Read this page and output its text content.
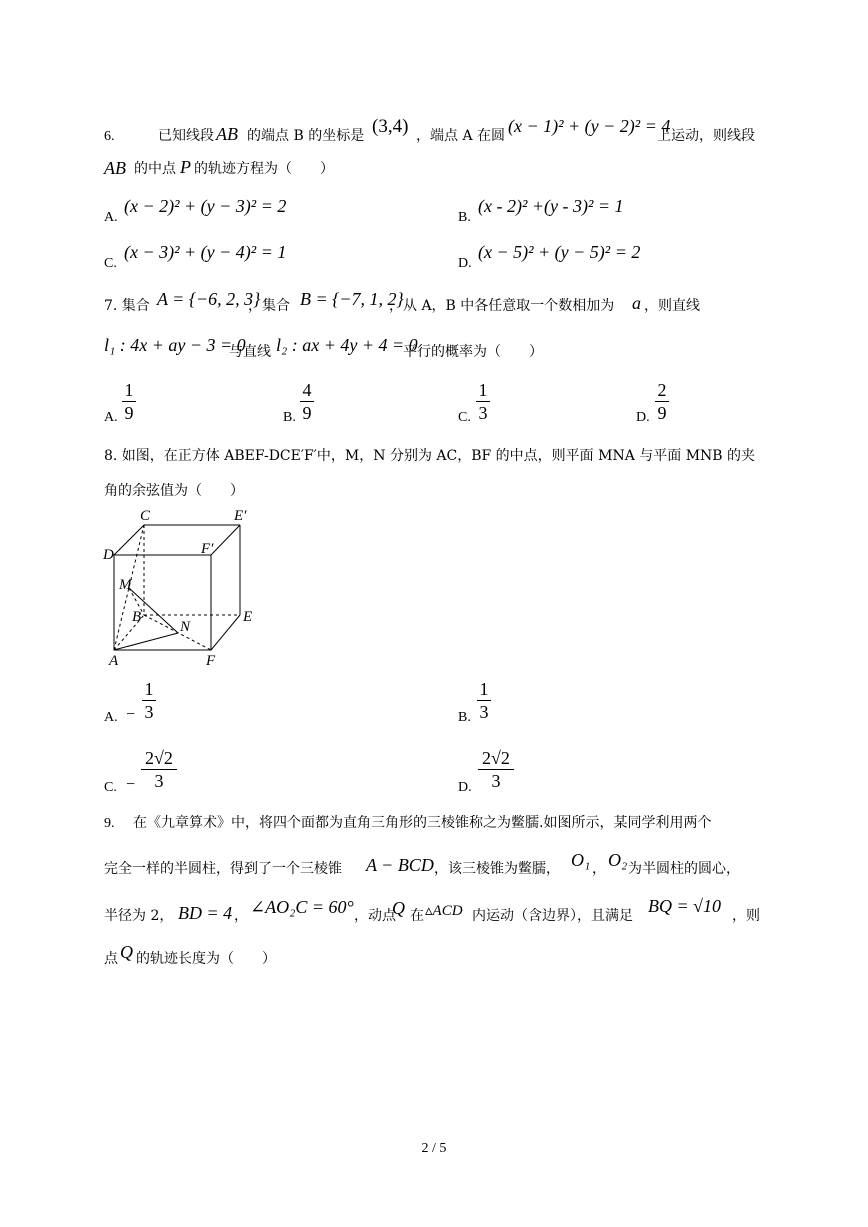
6.	已知线段 AB 的端点 B 的坐标是 (3,4) ，端点 A 在圆 (x − 1)² + (y − 2)² = 4
上运动，则线段
AB 的中点 P 的轨迹方程为（　　）
A.
(x − 2)² + (y − 3)² = 2
B.
(x - 2)² +(y - 3)² = 1
C.
(x − 3)² + (y − 4)² = 1
D.
(x − 5)² + (y − 5)² = 2
7. 集合 A = {−6, 2, 3}
，集合 B = {−7, 1, 2}
，从 A，B 中各任意取一个数相加为 a ，则直线
l₁ : 4x + ay − 3 = 0
与直线 l₂ : ax + 4y + 4 = 0
平行的概率为（　　）
A.
1
9	B.
4
9	C.
1
3	D.
2
9
8. 如图，在正方体 ABEF-DCE′F′中，M，N 分别为 AC，BF 的中点，则平面 MNA 与平面 MNB 的夹
角的余弦值为（　　）
C	E′
D	F′
M
B
N
E
A	F
A. −
1
3	B.
1
3
C. −
2√2
3	D.
2√2
3
9. 在《九章算术》中，将四个面都为直角三角形的三棱锥称之为鳖臑.如图所示，某同学利用两个
完全一样的半圆柱，得到了一个三棱锥 A − BCD ，该三棱锥为鳖臑， O₁ ， O₂ 为半圆柱的圆心，
半径为 2， BD = 4 ， ∠AO₂C = 60° ，动点
Q 在 ▵ACD 内运动（含边界），且满足 BQ = √10 ，则
点 Q 的轨迹长度为（　　）
2 / 5
